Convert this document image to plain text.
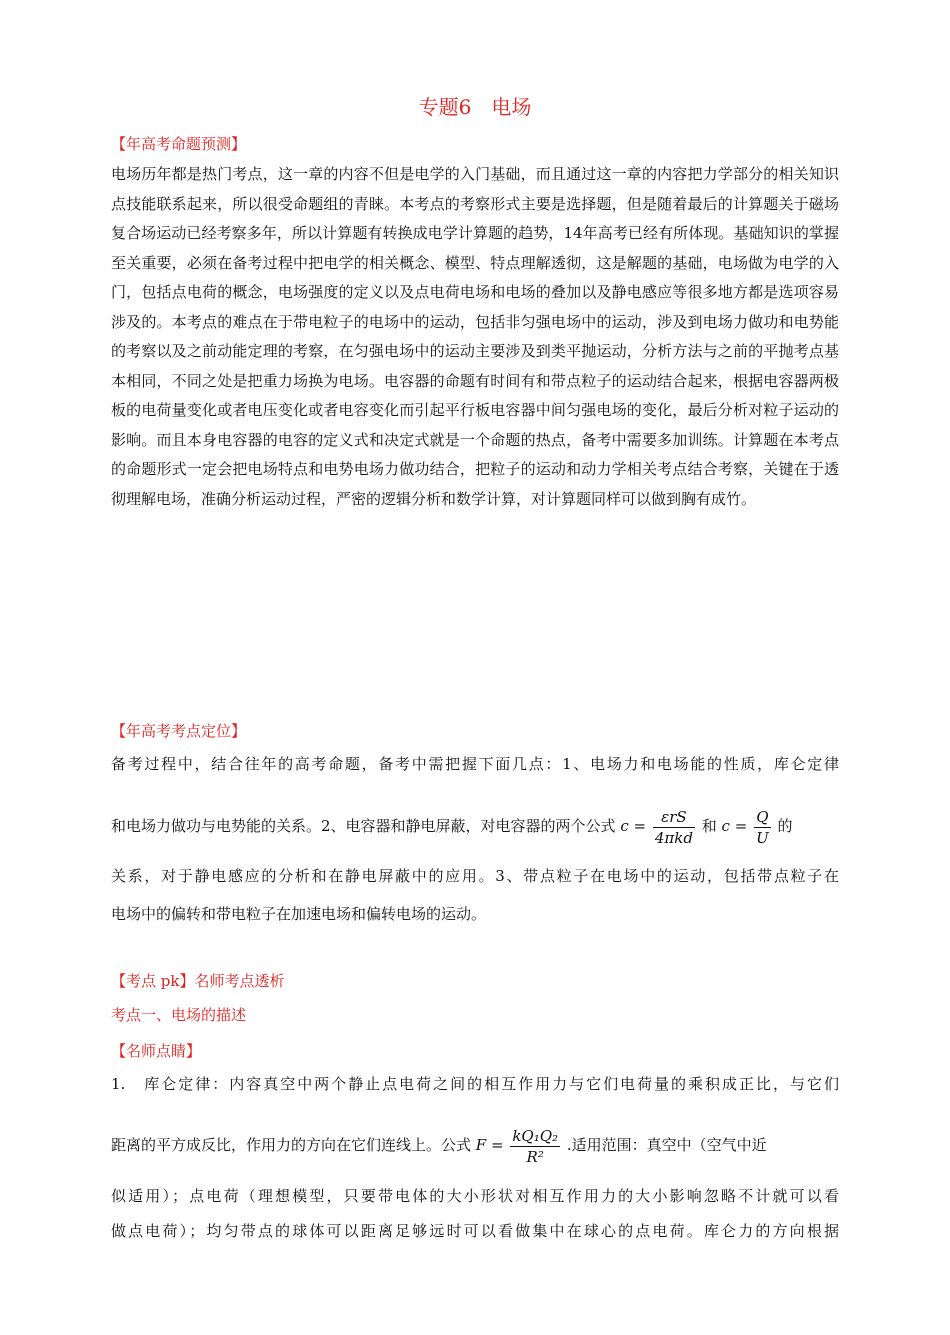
专题6　电场
【年高考命题预测】
电场历年都是热门考点，这一章的内容不但是电学的入门基础，而且通过这一章的内容把力学部分的相关知识点技能联系起来，所以很受命题组的青睐。本考点的考察形式主要是选择题，但是随着最后的计算题关于磁场复合场运动已经考察多年，所以计算题有转换成电学计算题的趋势，14年高考已经有所体现。基础知识的掌握至关重要，必须在备考过程中把电学的相关概念、模型、特点理解透彻，这是解题的基础，电场做为电学的入门，包括点电荷的概念，电场强度的定义以及点电荷电场和电场的叠加以及静电感应等很多地方都是选项容易涉及的。本考点的难点在于带电粒子的电场中的运动，包括非匀强电场中的运动，涉及到电场力做功和电势能的考察以及之前动能定理的考察，在匀强电场中的运动主要涉及到类平抛运动，分析方法与之前的平抛考点基本相同，不同之处是把重力场换为电场。电容器的命题有时间有和带点粒子的运动结合起来，根据电容器两极板的电荷量变化或者电压变化或者电容变化而引起平行板电容器中间匀强电场的变化，最后分析对粒子运动的影响。而且本身电容器的电容的定义式和决定式就是一个命题的热点，备考中需要多加训练。计算题在本考点的命题形式一定会把电场特点和电势电场力做功结合，把粒子的运动和动力学相关考点结合考察，关键在于透彻理解电场，准确分析运动过程，严密的逻辑分析和数学计算，对计算题同样可以做到胸有成竹。
【年高考考点定位】
备考过程中，结合往年的高考命题，备考中需把握下面几点：1、电场力和电场能的性质，库仑定律
和电场力做功与电势能的关系。2、电容器和静电屏蔽，对电容器的两个公式 $c = \frac{\text{εrS}}{\text{4πkd}}$ 和 $c = \frac{Q}{U}$ 的
关系，对于静电感应的分析和在静电屏蔽中的应用。3、带点粒子在电场中的运动，包括带点粒子在
电场中的偏转和带电粒子在加速电场和偏转电场的运动。
【考点 pk】名师考点透析
考点一、电场的描述
【名师点睛】
1.　库仑定律：内容真空中两个静止点电荷之间的相互作用力与它们电荷量的乘积成正比，与它们
距离的平方成反比，作用力的方向在它们连线上。公式 $F = \frac{\text{kQ₁Q₂}}{\text{R²}}$ .适用范围：真空中（空气中近
似适用）；点电荷（理想模型，只要带电体的大小形状对相互作用力的大小影响忽略不计就可以看
做点电荷）；均匀带点的球体可以距离足够远时可以看做集中在球心的点电荷。库仑力的方向根据
